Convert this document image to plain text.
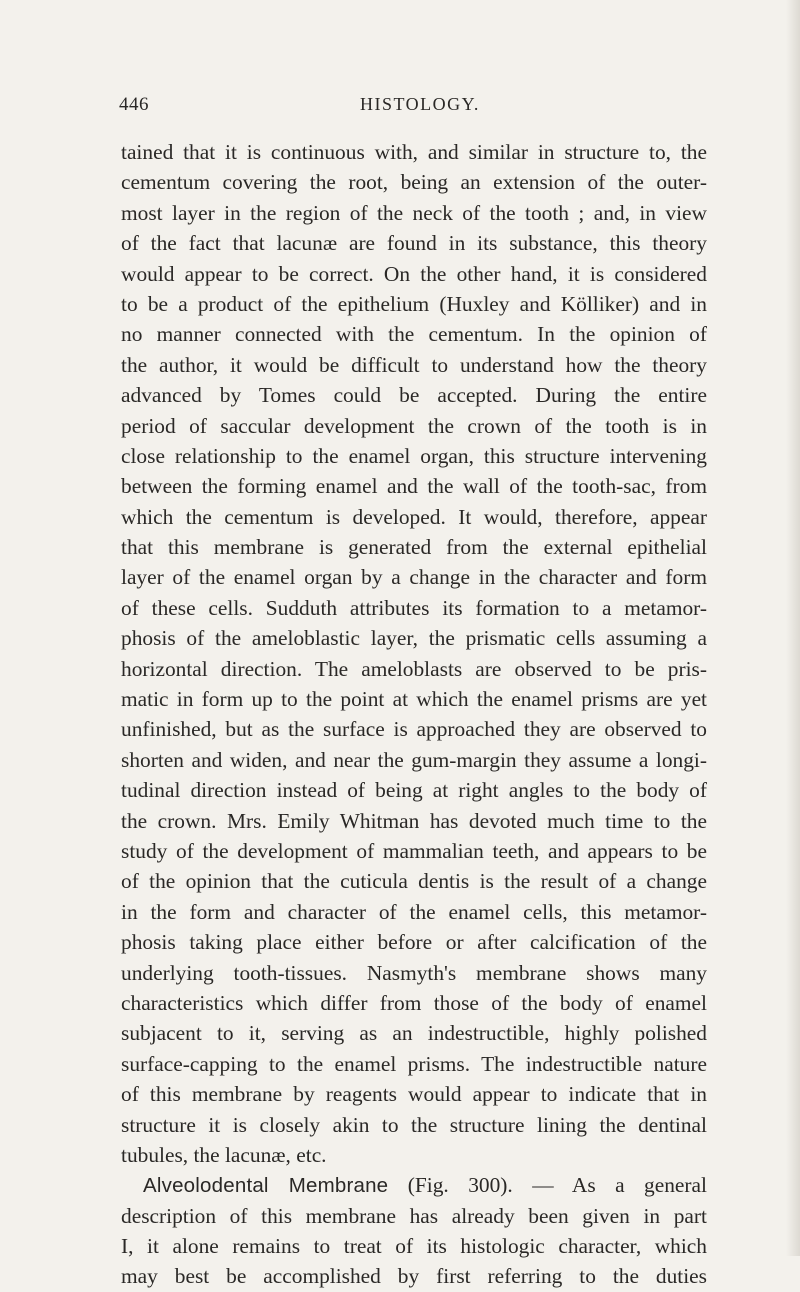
446	HISTOLOGY.
tained that it is continuous with, and similar in structure to, the
cementum covering the root, being an extension of the outer-
most layer in the region of the neck of the tooth ; and, in view
of the fact that lacunæ are found in its substance, this theory
would appear to be correct. On the other hand, it is considered
to be a product of the epithelium (Huxley and Kölliker) and in
no manner connected with the cementum. In the opinion of
the author, it would be difficult to understand how the theory
advanced by Tomes could be accepted. During the entire
period of saccular development the crown of the tooth is in
close relationship to the enamel organ, this structure intervening
between the forming enamel and the wall of the tooth-sac, from
which the cementum is developed. It would, therefore, appear
that this membrane is generated from the external epithelial
layer of the enamel organ by a change in the character and form
of these cells. Sudduth attributes its formation to a metamor-
phosis of the ameloblastic layer, the prismatic cells assuming a
horizontal direction. The ameloblasts are observed to be pris-
matic in form up to the point at which the enamel prisms are yet
unfinished, but as the surface is approached they are observed to
shorten and widen, and near the gum-margin they assume a longi-
tudinal direction instead of being at right angles to the body of
the crown. Mrs. Emily Whitman has devoted much time to the
study of the development of mammalian teeth, and appears to be
of the opinion that the cuticula dentis is the result of a change
in the form and character of the enamel cells, this metamor-
phosis taking place either before or after calcification of the
underlying tooth-tissues. Nasmyth's membrane shows many
characteristics which differ from those of the body of enamel
subjacent to it, serving as an indestructible, highly polished
surface-capping to the enamel prisms. The indestructible nature
of this membrane by reagents would appear to indicate that in
structure it is closely akin to the structure lining the dentinal
tubules, the lacunæ, etc.
Alveolodental Membrane (Fig. 300). — As a general
description of this membrane has already been given in part
I, it alone remains to treat of its histologic character, which
may best be accomplished by first referring to the duties
